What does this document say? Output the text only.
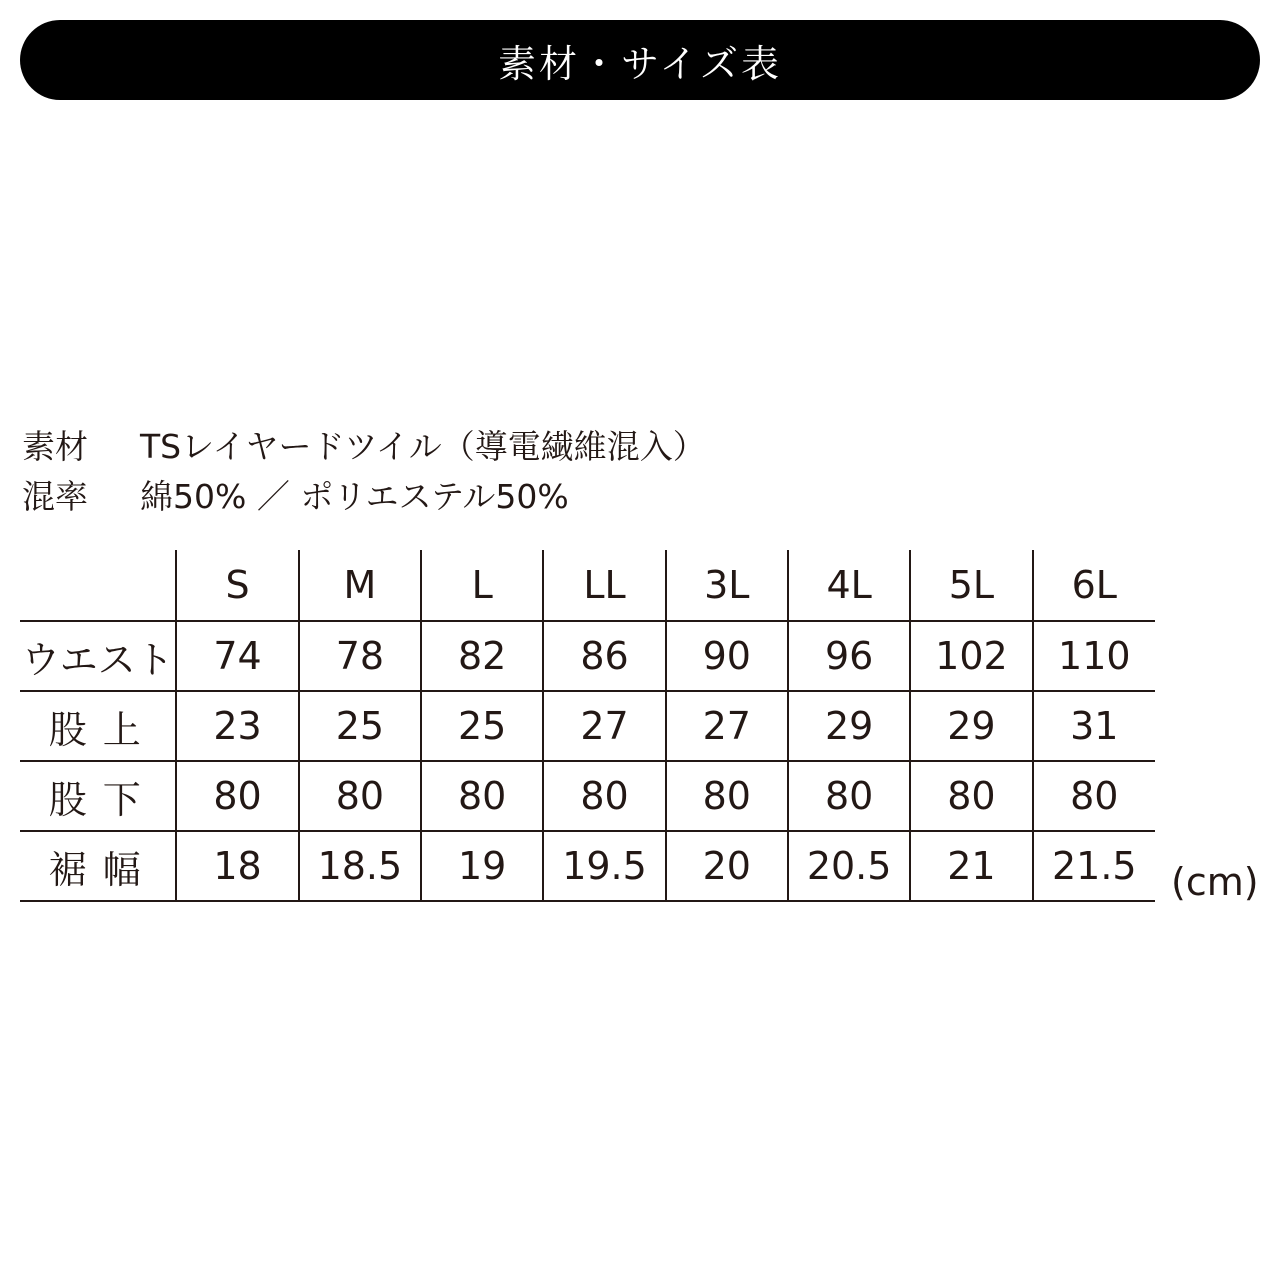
素材・サイズ表
素材	TSレイヤードツイル（導電繊維混入）
混率	綿50% ／ ポリエステル50%
	S	M	L	LL	3L	4L	5L	6L
ウエスト	74	78	82	86	90	96	102	110
股上	23	25	25	27	27	29	29	31
股下	80	80	80	80	80	80	80	80
裾幅	18	18.5	19	19.5	20	20.5	21	21.5 (cm)
